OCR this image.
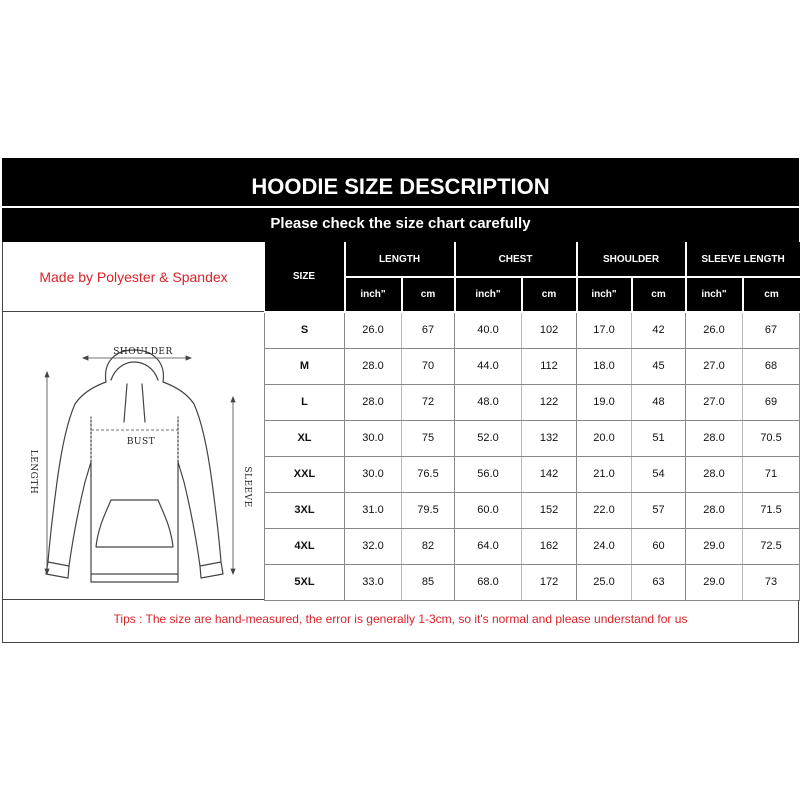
HOODIE SIZE DESCRIPTION
Please check the size chart carefully
Made by Polyester & Spandex
SHOULDER
BUST
LENGTH	SLEEVE
SIZE	LENGTH		CHEST		SHOULDER		SLEEVE LENGTH	
	inch"	cm	inch"	cm	inch"	cm	inch"	cm
S	26.0	67	40.0	102	17.0	42	26.0	67
M	28.0	70	44.0	112	18.0	45	27.0	68
L	28.0	72	48.0	122	19.0	48	27.0	69
XL	30.0	75	52.0	132	20.0	51	28.0	70.5
XXL	30.0	76.5	56.0	142	21.0	54	28.0	71
3XL	31.0	79.5	60.0	152	22.0	57	28.0	71.5
4XL	32.0	82	64.0	162	24.0	60	29.0	72.5
5XL	33.0	85	68.0	172	25.0	63	29.0	73
Tips : The size are hand-measured, the error is generally 1-3cm, so it's normal and please understand for us
